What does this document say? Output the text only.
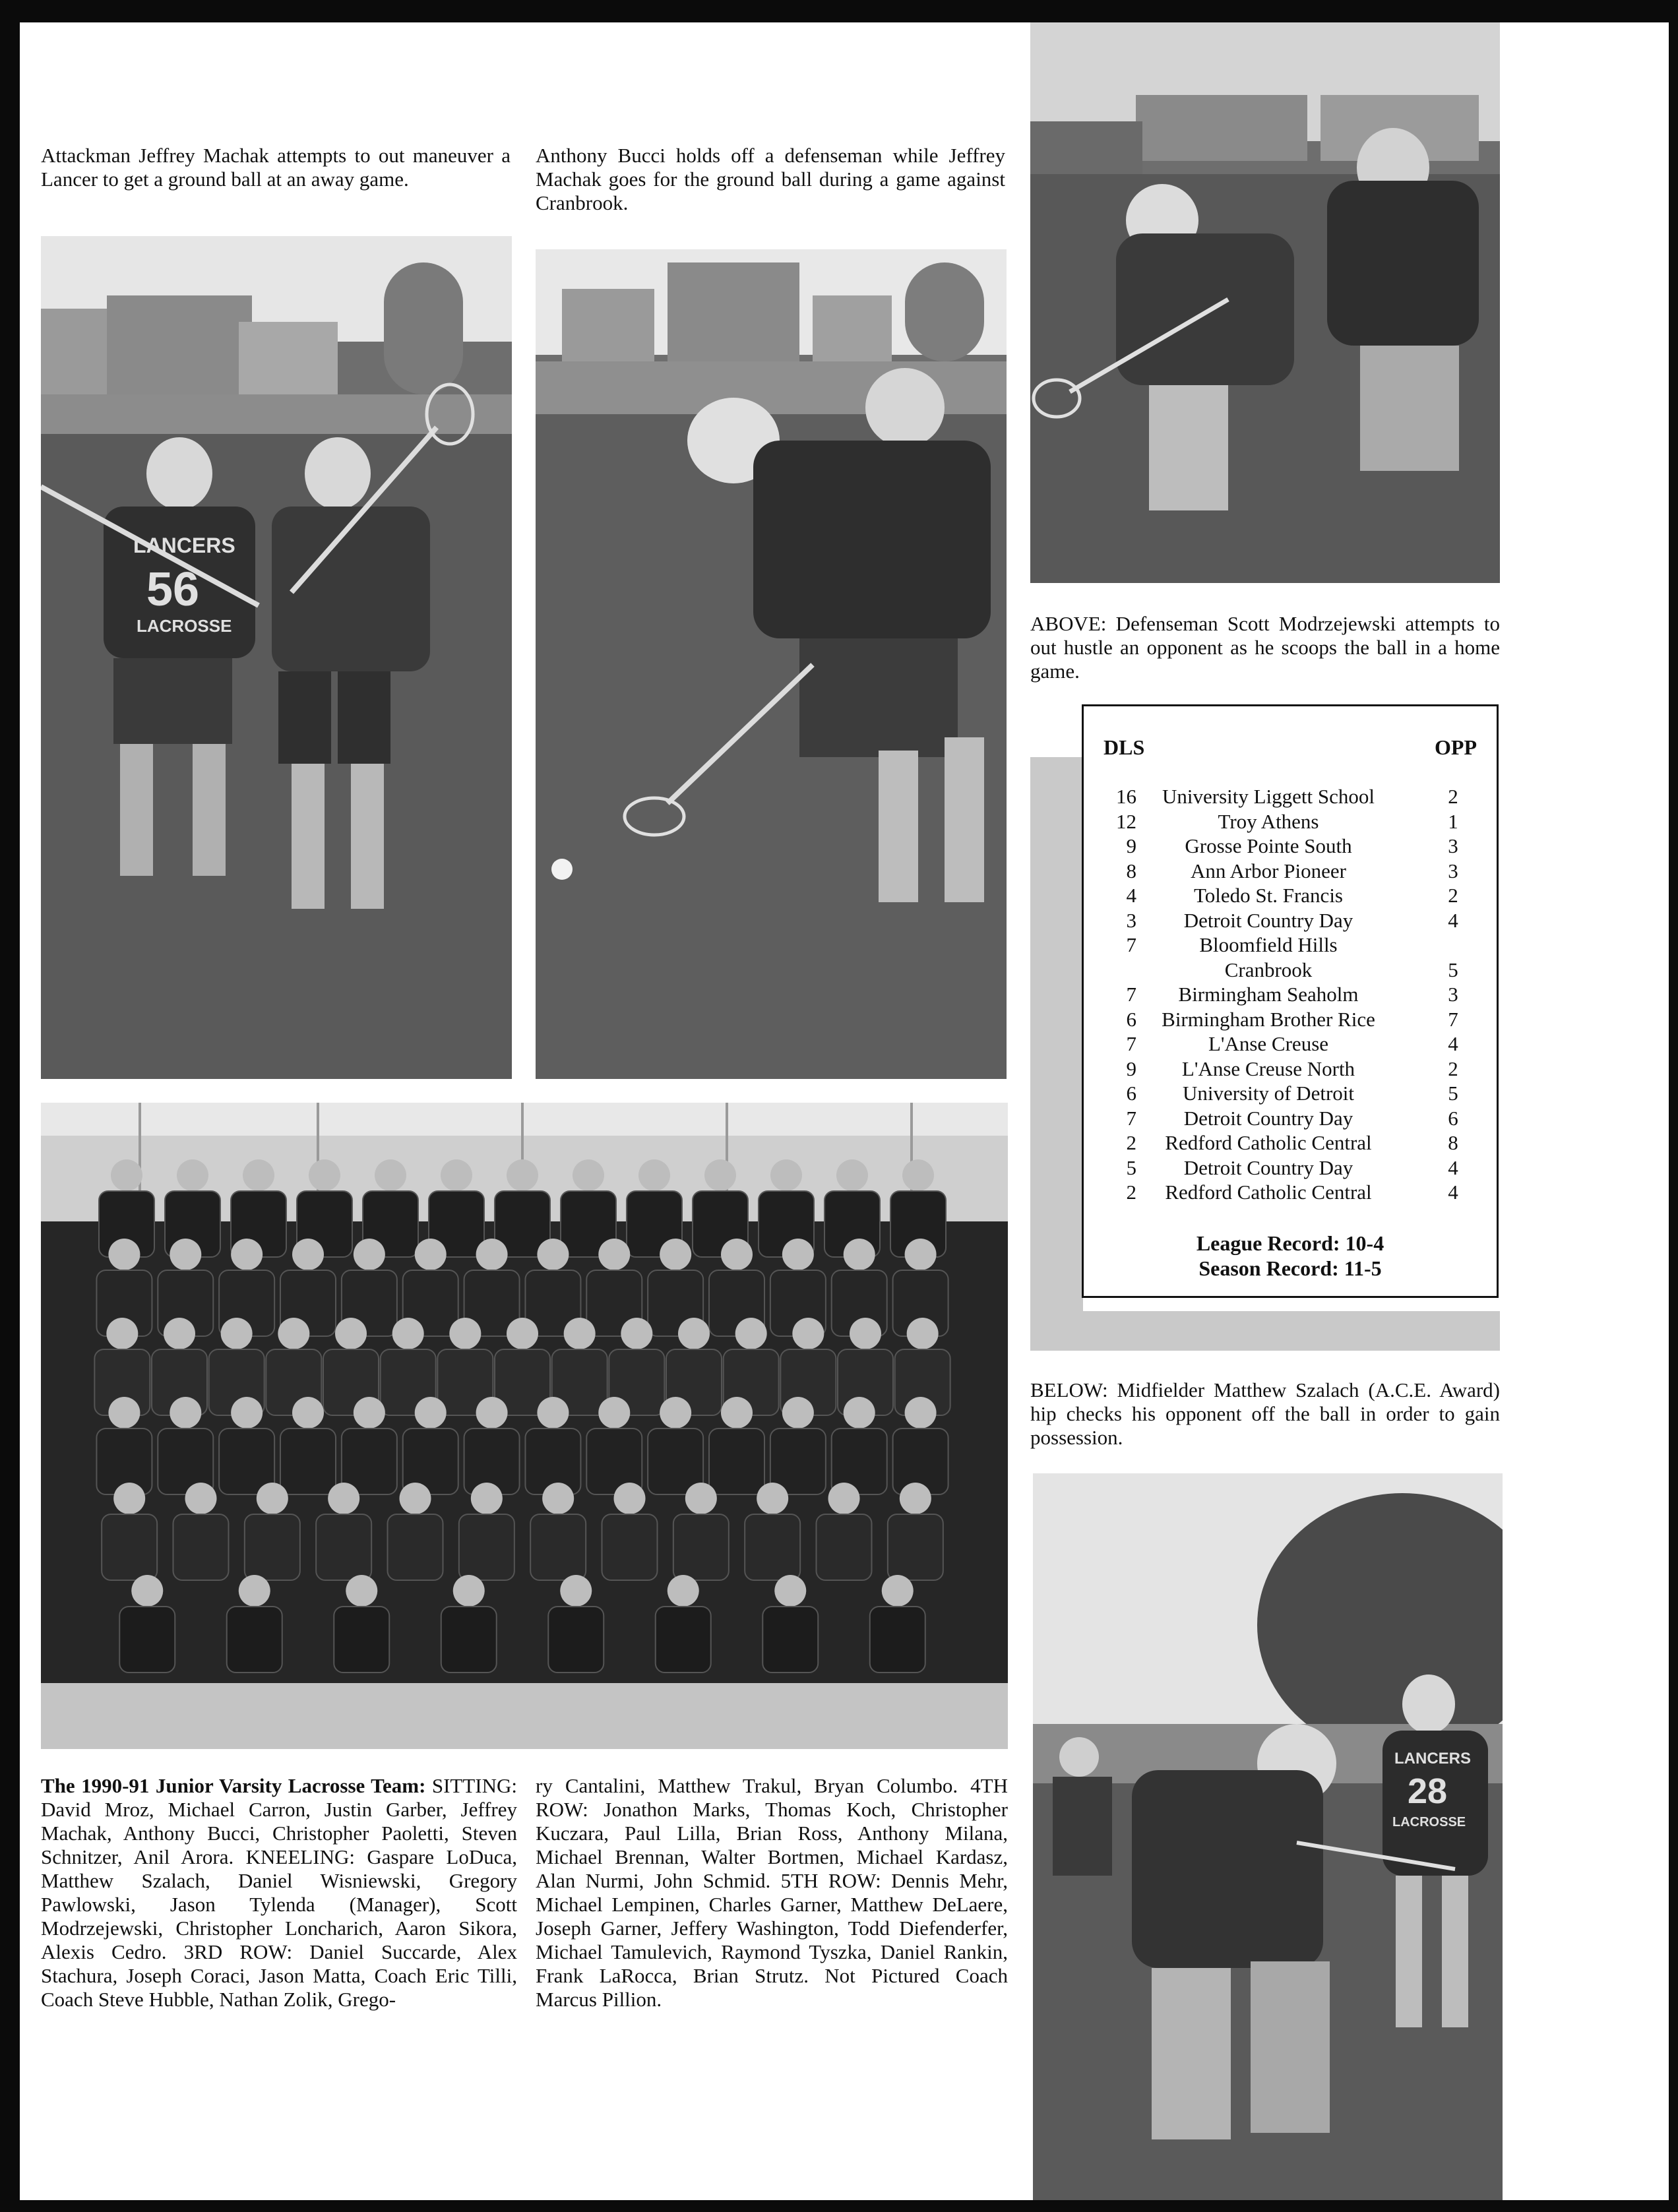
Attackman Jeffrey Machak attempts to out maneuver a Lancer to get a ground ball at an away game.

Anthony Bucci holds off a defenseman while Jeffrey Machak goes for the ground ball during a game against Cranbrook.

LANCERS
56
LACROSSE	ABOVE: Defenseman Scott Modrzejewski attempts to out hustle an opponent as he scoops the ball in a home game.

DLS	OPP
16	University Liggett School	2
12	Troy Athens	1
9	Grosse Pointe South	3
8	Ann Arbor Pioneer	3
4	Toledo St. Francis	2
3	Detroit Country Day	4
7	Bloomfield Hills
Cranbrook	5
7	Birmingham Seaholm	3
6	Birmingham Brother Rice	7
7	L'Anse Creuse	4
9	L'Anse Creuse North	2
6	University of Detroit	5
7	Detroit Country Day	6
2	Redford Catholic Central	8
5	Detroit Country Day	4
2	Redford Catholic Central	4
League Record: 10-4
Season Record: 11-5

BELOW: Midfielder Matthew Szalach (A.C.E. Award) hip checks his opponent off the ball in order to gain possession.

The 1990-91 Junior Varsity Lacrosse Team: SITTING: David Mroz, Michael Carron, Justin Garber, Jeffrey Machak, Anthony Bucci, Christopher Paoletti, Steven Schnitzer, Anil Arora. KNEELING: Gaspare LoDuca, Matthew Szalach, Daniel Wisniewski, Gregory Pawlowski, Jason Tylenda (Manager), Scott Modrzejewski, Christopher Loncharich, Aaron Sikora, Alexis Cedro. 3RD ROW: Daniel Succarde, Alex Stachura, Joseph Coraci, Jason Matta, Coach Eric Tilli, Coach Steve Hubble, Nathan Zolik, Grego-

ry Cantalini, Matthew Trakul, Bryan Columbo. 4TH ROW: Jonathon Marks, Thomas Koch, Christopher Kuczara, Paul Lilla, Brian Ross, Anthony Milana, Michael Brennan, Walter Bortmen, Michael Kardasz, Alan Nurmi, John Schmid. 5TH ROW: Dennis Mehr, Michael Lempinen, Charles Garner, Matthew DeLaere, Joseph Garner, Jeffery Washington, Todd Diefenderfer, Michael Tamulevich, Raymond Tyszka, Daniel Rankin, Frank LaRocca, Brian Strutz. Not Pictured Coach Marcus Pillion.

LANCERS
28
LACROSSE
